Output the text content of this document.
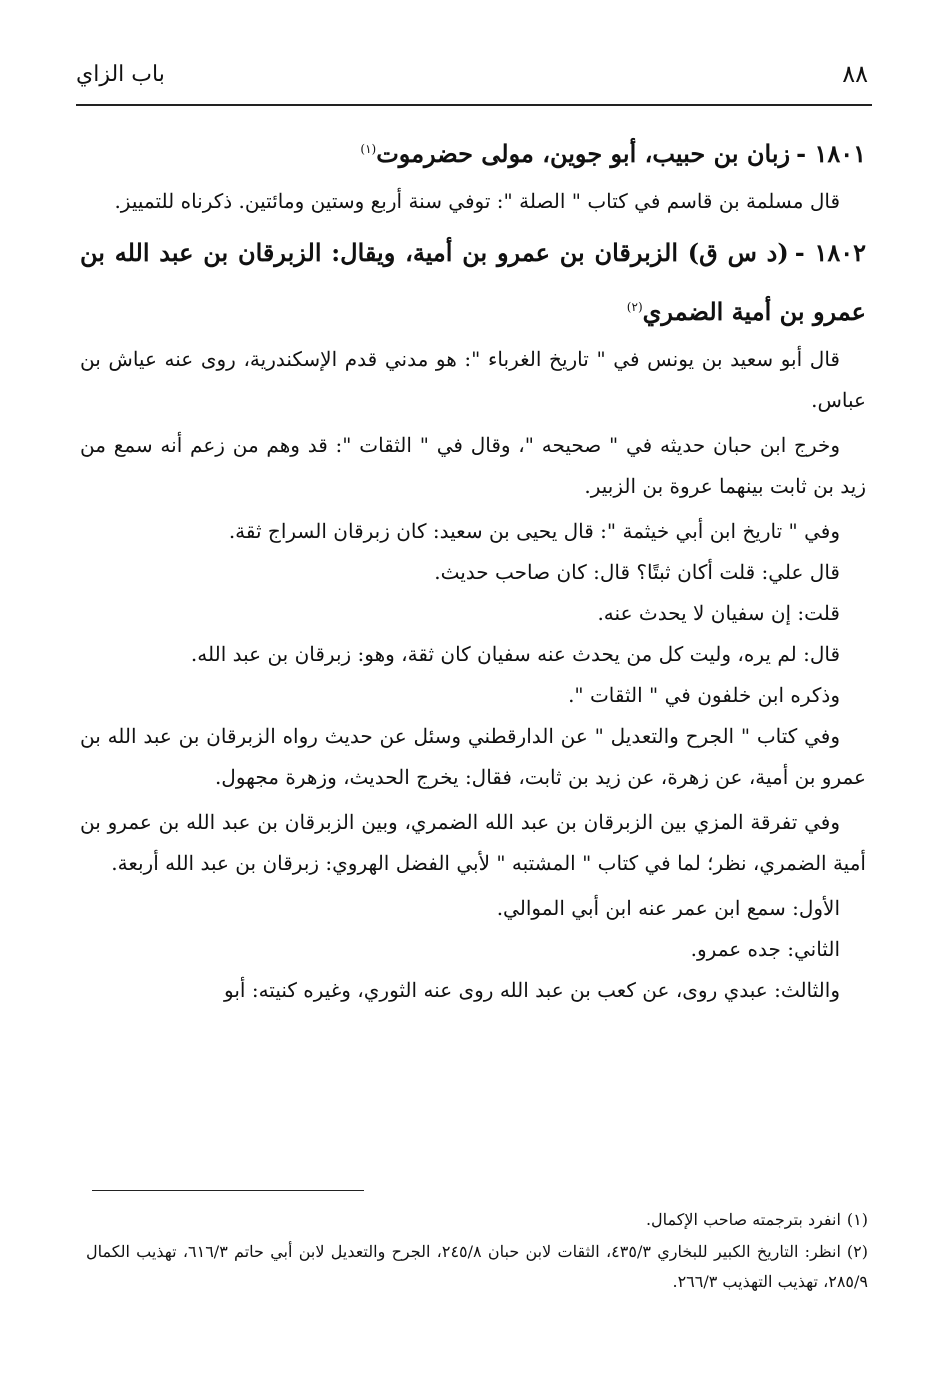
٨٨
باب الزاي
١٨٠١ -زبان بن حبيب، أبو جوين، مولى حضرموت$^{(١)}$

قال مسلمة بن قاسم في كتاب " الصلة ": توفي سنة أربع وستين ومائتين. ذكرناه للتمييز.

١٨٠٢ -(د س ق) الزبرقان بن عمرو بن أمية، ويقال: الزبرقان بن عبد الله بن عمرو بن أمية الضمري$^{(٢)}$

قال أبو سعيد بن يونس في " تاريخ الغرباء ": هو مدني قدم الإسكندرية، روى عنه عياش بن عباس.

وخرج ابن حبان حديثه في " صحيحه "، وقال في " الثقات ": قد وهم من زعم أنه سمع من زيد بن ثابت بينهما عروة بن الزبير.

وفي " تاريخ ابن أبي خيثمة ": قال يحيى بن سعيد: كان زبرقان السراج ثقة.

قال علي: قلت أكان ثبتًا؟ قال: كان صاحب حديث.

قلت: إن سفيان لا يحدث عنه.

قال: لم يره، وليت كل من يحدث عنه سفيان كان ثقة، وهو: زبرقان بن عبد الله.

وذكره ابن خلفون في " الثقات ".

وفي كتاب " الجرح والتعديل " عن الدارقطني وسئل عن حديث رواه الزبرقان بن عبد الله بن عمرو بن أمية، عن زهرة، عن زيد بن ثابت، فقال: يخرج الحديث، وزهرة مجهول.

وفي تفرقة المزي بين الزبرقان بن عبد الله الضمري، وبين الزبرقان بن عبد الله بن عمرو بن أمية الضمري، نظر؛ لما في كتاب " المشتبه " لأبي الفضل الهروي: زبرقان بن عبد الله أربعة.

الأول: سمع ابن عمر عنه ابن أبي الموالي.

الثاني: جده عمرو.

والثالث: عبدي روى، عن كعب بن عبد الله روى عنه الثوري، وغيره كنيته: أبو

(١)انفرد بترجمته صاحب الإكمال.

(٢)انظر: التاريخ الكبير للبخاري ٤٣٥/٣، الثقات لابن حبان ٢٤٥/٨، الجرح والتعديل لابن أبي حاتم ٦١٦/٣، تهذيب الكمال ٢٨٥/٩، تهذيب التهذيب ٢٦٦/٣.
